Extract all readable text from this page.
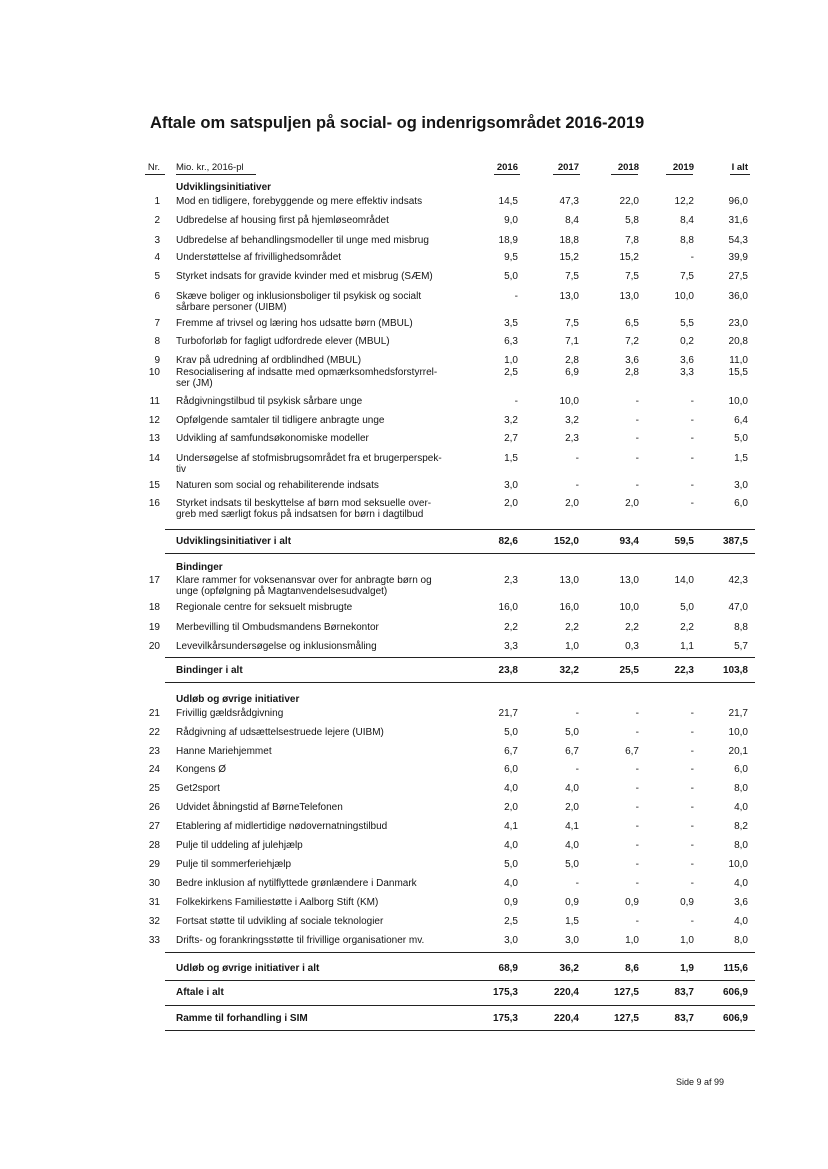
Aftale om satspuljen på social- og indenrigsområdet 2016-2019
Nr. Mio. kr., 2016-pl	2016	2017	2018	2019	I alt
Udviklingsinitiativer
1 Mod en tidligere, forebyggende og mere effektiv indsats	14,5	47,3	22,0	12,2	96,0
2 Udbredelse af housing first på hjemløseområdet	9,0	8,4	5,8	8,4	31,6
3 Udbredelse af behandlingsmodeller til unge med misbrug	18,9	18,8	7,8	8,8	54,3
4 Understøttelse af frivillighedsområdet	9,5	15,2	15,2	-	39,9
5 Styrket indsats for gravide kvinder med et misbrug (SÆM)	5,0	7,5	7,5	7,5	27,5
6 Skæve boliger og inklusionsboliger til psykisk og socialt
sårbare personer (UIBM)
-	13,0	13,0	10,0	36,0
7 Fremme af trivsel og læring hos udsatte børn (MBUL)	3,5	7,5	6,5	5,5	23,0
8 Turboforløb for fagligt udfordrede elever (MBUL)	6,3	7,1	7,2	0,2	20,8
9 Krav på udredning af ordblindhed (MBUL)	1,0	2,8	3,6	3,6	11,0
10 Resocialisering af indsatte med opmærksomhedsforstyrrel-
ser (JM)
2,5	6,9	2,8	3,3	15,5
11 Rådgivningstilbud til psykisk sårbare unge	-	10,0	-	-	10,0
12 Opfølgende samtaler til tidligere anbragte unge	3,2	3,2	-	-	6,4
13 Udvikling af samfundsøkonomiske modeller	2,7	2,3	-	-	5,0
14 Undersøgelse af stofmisbrugsområdet fra et brugerperspek-
tiv
1,5	-	-	-	1,5
15 Naturen som social og rehabiliterende indsats	3,0	-	-	-	3,0
16 Styrket indsats til beskyttelse af børn mod seksuelle over-
greb med særligt fokus på indsatsen for børn i dagtilbud
2,0	2,0	2,0	-	6,0
Udviklingsinitiativer i alt	82,6	152,0	93,4	59,5	387,5
Bindinger
17 Klare rammer for voksenansvar over for anbragte børn og
unge (opfølgning på Magtanvendelsesudvalget)
2,3	13,0	13,0	14,0	42,3
18 Regionale centre for seksuelt misbrugte	16,0	16,0	10,0	5,0	47,0
19 Merbevilling til Ombudsmandens Børnekontor	2,2	2,2	2,2	2,2	8,8
20 Levevilkårsundersøgelse og inklusionsmåling	3,3	1,0	0,3	1,1	5,7
Bindinger i alt	23,8	32,2	25,5	22,3	103,8
Udløb og øvrige initiativer
21 Frivillig gældsrådgivning	21,7	-	-	-	21,7
22 Rådgivning af udsættelsestruede lejere (UIBM)	5,0	5,0	-	-	10,0
23 Hanne Mariehjemmet	6,7	6,7	6,7	-	20,1
24 Kongens Ø	6,0	-	-	-	6,0
25 Get2sport	4,0	4,0	-	-	8,0
26 Udvidet åbningstid af BørneTelefonen	2,0	2,0	-	-	4,0
27 Etablering af midlertidige nødovernatningstilbud	4,1	4,1	-	-	8,2
28 Pulje til uddeling af julehjælp	4,0	4,0	-	-	8,0
29 Pulje til sommerferiehjælp	5,0	5,0	-	-	10,0
30 Bedre inklusion af nytilflyttede grønlændere i Danmark	4,0	-	-	-	4,0
31 Folkekirkens Familiestøtte i Aalborg Stift (KM)	0,9	0,9	0,9	0,9	3,6
32 Fortsat støtte til udvikling af sociale teknologier	2,5	1,5	-	-	4,0
33 Drifts- og forankringsstøtte til frivillige organisationer mv.	3,0	3,0	1,0	1,0	8,0
Udløb og øvrige initiativer i alt	68,9	36,2	8,6	1,9	115,6
Aftale i alt	175,3	220,4	127,5	83,7	606,9
Ramme til forhandling i SIM	175,3	220,4	127,5	83,7	606,9
Side 9 af 99
